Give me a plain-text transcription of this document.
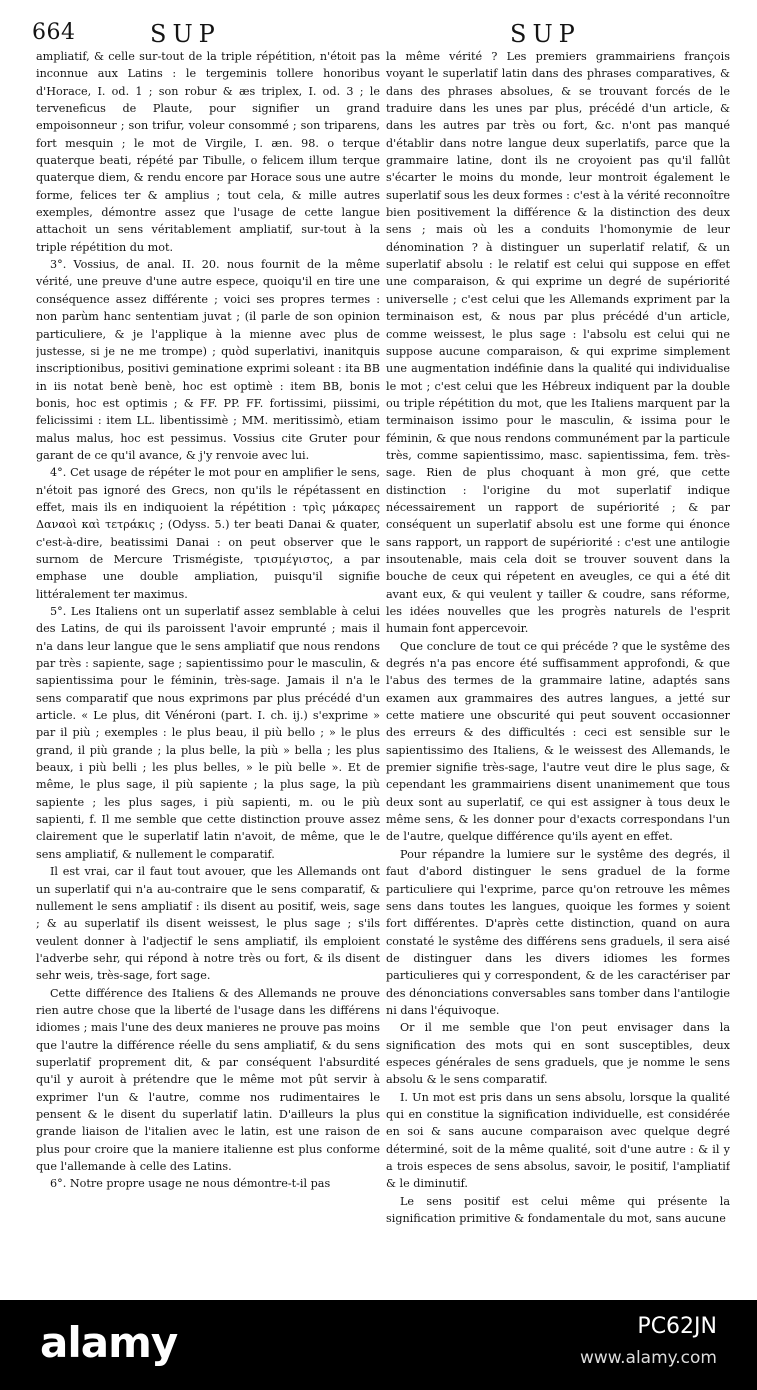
664	SUP	SUP

ampliatif, & celle sur-tout de la triple répétition, n'étoit pas inconnue aux Latins : le tergeminis tollere honoribus d'Horace, I. od. 1 ; son robur & æs triplex, I. od. 3 ; le terveneficus de Plaute, pour signifier un grand empoisonneur ; son trifur, voleur consommé ; son triparens, fort mesquin ; le mot de Virgile, I. æn. 98. o terque quaterque beati, répété par Tibulle, o felicem illum terque quaterque diem, & rendu encore par Horace sous une autre forme, felices ter & amplius ; tout cela, & mille autres exemples, démontre assez que l'usage de cette langue attachoit un sens véritablement ampliatif, sur-tout à la triple répétition du mot.

3°. Vossius, de anal. II. 20. nous fournit de la même vérité, une preuve d'une autre espece, quoiqu'il en tire une conséquence assez différente ; voici ses propres termes : non parùm hanc sententiam juvat ; (il parle de son opinion particuliere, & je l'applique à la mienne avec plus de justesse, si je ne me trompe) ; quòd superlativi, inanitquis inscriptionibus, positivi geminatione exprimi soleant : ita BB in iis notat benè benè, hoc est optimè : item BB, bonis bonis, hoc est optimis ; & FF. PP. FF. fortissimi, piissimi, felicissimi : item LL. libentissimè ; MM. meritissimò, etiam malus malus, hoc est pessimus. Vossius cite Gruter pour garant de ce qu'il avance, & j'y renvoie avec lui.

4°. Cet usage de répéter le mot pour en amplifier le sens, n'étoit pas ignoré des Grecs, non qu'ils le répétassent en effet, mais ils en indiquoient la répétition : τρὶς μάκαρες Δαναοὶ καὶ τετράκις ; (Odyss. 5.) ter beati Danai & quater, c'est-à-dire, beatissimi Danai : on peut observer que le surnom de Mercure Trismégiste, τρισμέγιστος, a par emphase une double ampliation, puisqu'il signifie littéralement ter maximus.

5°. Les Italiens ont un superlatif assez semblable à celui des Latins, de qui ils paroissent l'avoir emprunté ; mais il n'a dans leur langue que le sens ampliatif que nous rendons par très : sapiente, sage ; sapientissimo pour le masculin, & sapientissima pour le féminin, très-sage. Jamais il n'a le sens comparatif que nous exprimons par plus précédé d'un article. « Le plus, dit Vénéroni (part. I. ch. ij.) s'exprime » par il più ; exemples : le plus beau, il più bello ; » le plus grand, il più grande ; la plus belle, la più » bella ; les plus beaux, i più belli ; les plus belles, » le più belle ». Et de même, le plus sage, il più sapiente ; la plus sage, la più sapiente ; les plus sages, i più sapienti, m. ou le più sapienti, f. Il me semble que cette distinction prouve assez clairement que le superlatif latin n'avoit, de même, que le sens ampliatif, & nullement le comparatif.

Il est vrai, car il faut tout avouer, que les Allemands ont un superlatif qui n'a au-contraire que le sens comparatif, & nullement le sens ampliatif : ils disent au positif, weis, sage ; & au superlatif ils disent weissest, le plus sage ; s'ils veulent donner à l'adjectif le sens ampliatif, ils emploient l'adverbe sehr, qui répond à notre très ou fort, & ils disent sehr weis, très-sage, fort sage.

Cette différence des Italiens & des Allemands ne prouve rien autre chose que la liberté de l'usage dans les différens idiomes ; mais l'une des deux manieres ne prouve pas moins que l'autre la différence réelle du sens ampliatif, & du sens superlatif proprement dit, & par conséquent l'absurdité qu'il y auroit à prétendre que le même mot pût servir à exprimer l'un & l'autre, comme nos rudimentaires le pensent & le disent du superlatif latin. D'ailleurs la plus grande liaison de l'italien avec le latin, est une raison de plus pour croire que la maniere italienne est plus conforme que l'allemande à celle des Latins.

6°. Notre propre usage ne nous démontre-t-il pas

la même vérité ? Les premiers grammairiens françois voyant le superlatif latin dans des phrases comparatives, & dans des phrases absolues, & se trouvant forcés de le traduire dans les unes par plus, précédé d'un article, & dans les autres par très ou fort, &c. n'ont pas manqué d'établir dans notre langue deux superlatifs, parce que la grammaire latine, dont ils ne croyoient pas qu'il fallût s'écarter le moins du monde, leur montroit également le superlatif sous les deux formes : c'est à la vérité reconnoître bien positivement la différence & la distinction des deux sens ; mais où les a conduits l'homonymie de leur dénomination ? à distinguer un superlatif relatif, & un superlatif absolu : le relatif est celui qui suppose en effet une comparaison, & qui exprime un degré de supériorité universelle ; c'est celui que les Allemands expriment par la terminaison est, & nous par plus précédé d'un article, comme weissest, le plus sage : l'absolu est celui qui ne suppose aucune comparaison, & qui exprime simplement une augmentation indéfinie dans la qualité qui individualise le mot ; c'est celui que les Hébreux indiquent par la double ou triple répétition du mot, que les Italiens marquent par la terminaison issimo pour le masculin, & issima pour le féminin, & que nous rendons communément par la particule très, comme sapientissimo, masc. sapientissima, fem. très-sage. Rien de plus choquant à mon gré, que cette distinction : l'origine du mot superlatif indique nécessairement un rapport de supériorité ; & par conséquent un superlatif absolu est une forme qui énonce sans rapport, un rapport de supériorité : c'est une antilogie insoutenable, mais cela doit se trouver souvent dans la bouche de ceux qui répetent en aveugles, ce qui a été dit avant eux, & qui veulent y tailler & coudre, sans réforme, les idées nouvelles que les progrès naturels de l'esprit humain font appercevoir.

Que conclure de tout ce qui précéde ? que le systême des degrés n'a pas encore été suffisamment approfondi, & que l'abus des termes de la grammaire latine, adaptés sans examen aux grammaires des autres langues, a jetté sur cette matiere une obscurité qui peut souvent occasionner des erreurs & des difficultés : ceci est sensible sur le sapientissimo des Italiens, & le weissest des Allemands, le premier signifie très-sage, l'autre veut dire le plus sage, & cependant les grammairiens disent unanimement que tous deux sont au superlatif, ce qui est assigner à tous deux le même sens, & les donner pour d'exacts correspondans l'un de l'autre, quelque différence qu'ils ayent en effet.

Pour répandre la lumiere sur le systême des degrés, il faut d'abord distinguer le sens graduel de la forme particuliere qui l'exprime, parce qu'on retrouve les mêmes sens dans toutes les langues, quoique les formes y soient fort différentes. D'après cette distinction, quand on aura constaté le systême des différens sens graduels, il sera aisé de distinguer dans les divers idiomes les formes particulieres qui y correspondent, & de les caractériser par des dénonciations conversables sans tomber dans l'antilogie ni dans l'équivoque.

Or il me semble que l'on peut envisager dans la signification des mots qui en sont susceptibles, deux especes générales de sens graduels, que je nomme le sens absolu & le sens comparatif.

I. Un mot est pris dans un sens absolu, lorsque la qualité qui en constitue la signification individuelle, est considérée en soi & sans aucune comparaison avec quelque degré déterminé, soit de la même qualité, soit d'une autre : & il y a trois especes de sens absolus, savoir, le positif, l'ampliatif & le diminutif.

Le sens positif est celui même qui présente la signification primitive & fondamentale du mot, sans aucune

alamy	PC62JN
www.alamy.com
